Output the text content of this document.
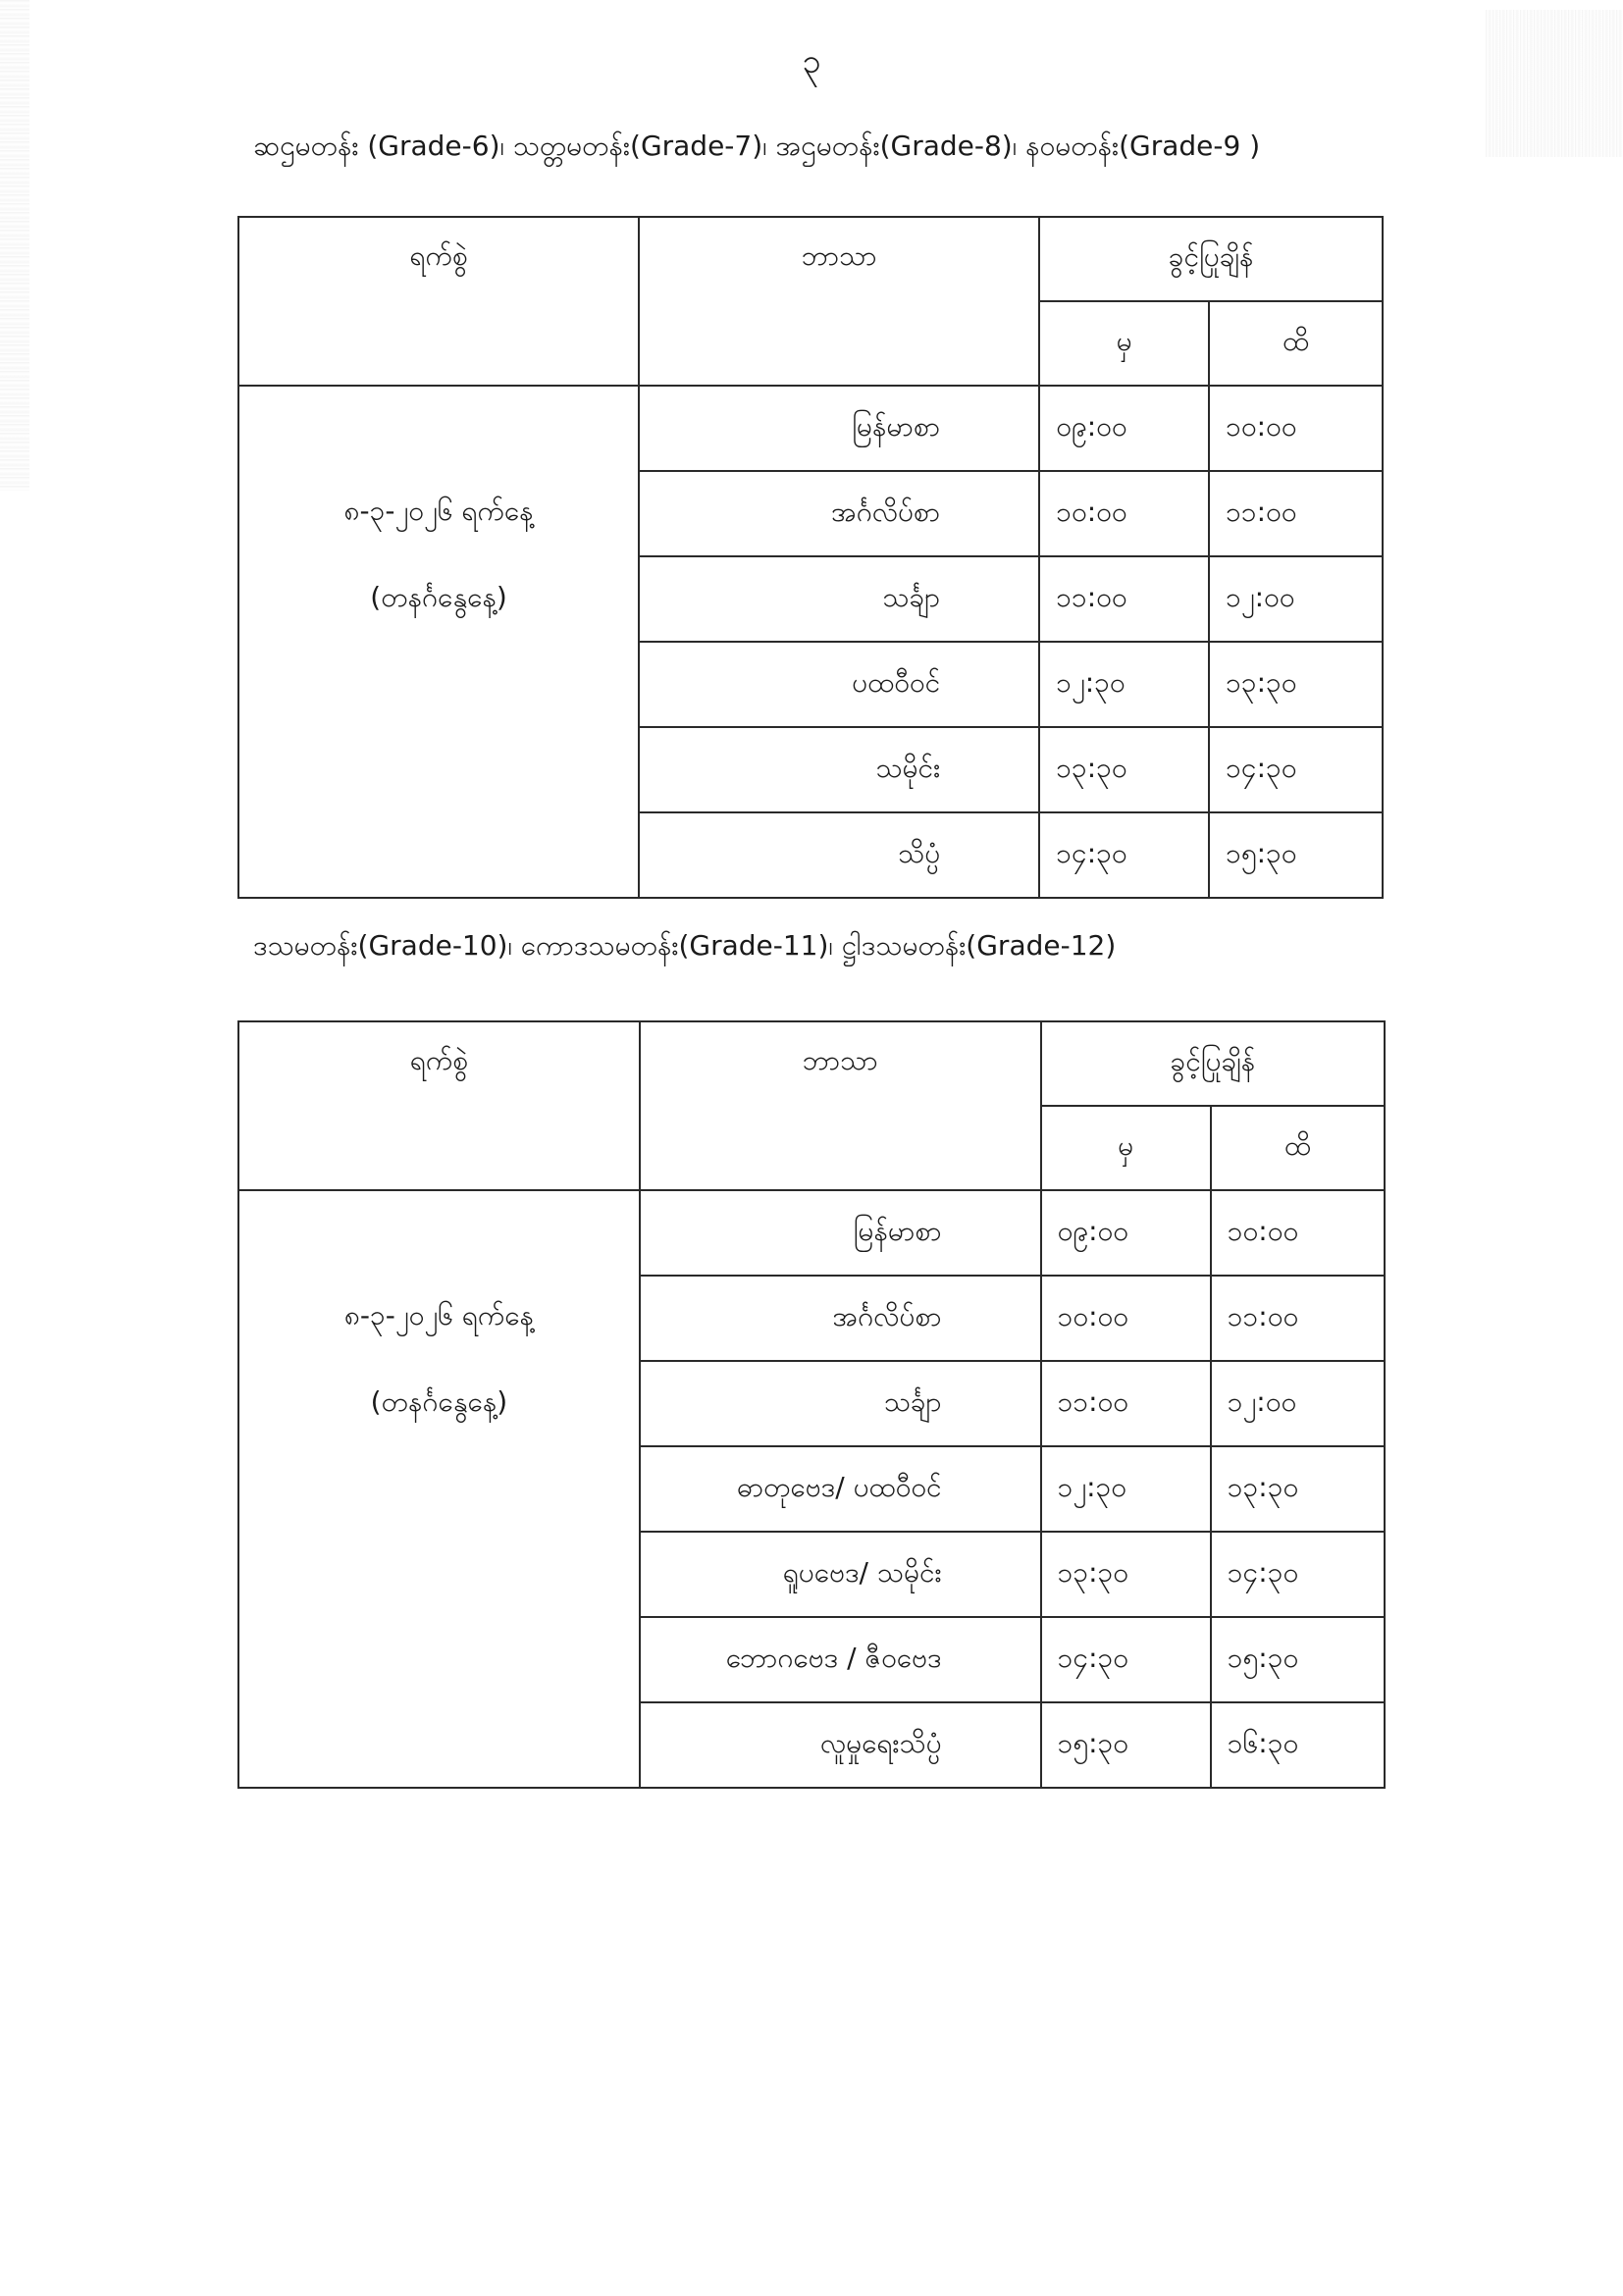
၃
ဆဌမတန်း (Grade-6)၊ သတ္တမတန်း(Grade-7)၊ အဌမတန်း(Grade-8)၊ နဝမတန်း(Grade-9 )
ရက်စွဲ	ဘာသာ	ခွင့်ပြုချိန်	
		မှ	ထိ

၈-၃-၂၀၂၆ ရက်နေ့
(တနင်္ဂနွေနေ့)	မြန်မာစာ	၀၉:၀၀	၁၀:၀၀
	အင်္ဂလိပ်စာ	၁၀:၀၀	၁၁:၀၀
	သင်္ချာ	၁၁:၀၀	၁၂:၀၀
	ပထဝီဝင်	၁၂:၃၀	၁၃:၃၀
	သမိုင်း	၁၃:၃၀	၁၄:၃၀
	သိပ္ပံ	၁၄:၃၀	၁၅:၃၀
ဒသမတန်း(Grade-10)၊ ကောဒသမတန်း(Grade-11)၊ ဋ္ဌါဒသမတန်း(Grade-12)
ရက်စွဲ	ဘာသာ	ခွင့်ပြုချိန်	
		မှ	ထိ

၈-၃-၂၀၂၆ ရက်နေ့
(တနင်္ဂနွေနေ့)	မြန်မာစာ	၀၉:၀၀	၁၀:၀၀
	အင်္ဂလိပ်စာ	၁၀:၀၀	၁၁:၀၀
	သင်္ချာ	၁၁:၀၀	၁၂:၀၀
	ဓာတုဗေဒ/ ပထဝီဝင်	၁၂:၃၀	၁၃:၃၀
	ရူပဗေဒ/ သမိုင်း	၁၃:၃၀	၁၄:၃၀
	ဘောဂဗေဒ / ဇီဝဗေဒ	၁၄:၃၀	၁၅:၃၀
	လူမှုရေးသိပ္ပံ	၁၅:၃၀	၁၆:၃၀
